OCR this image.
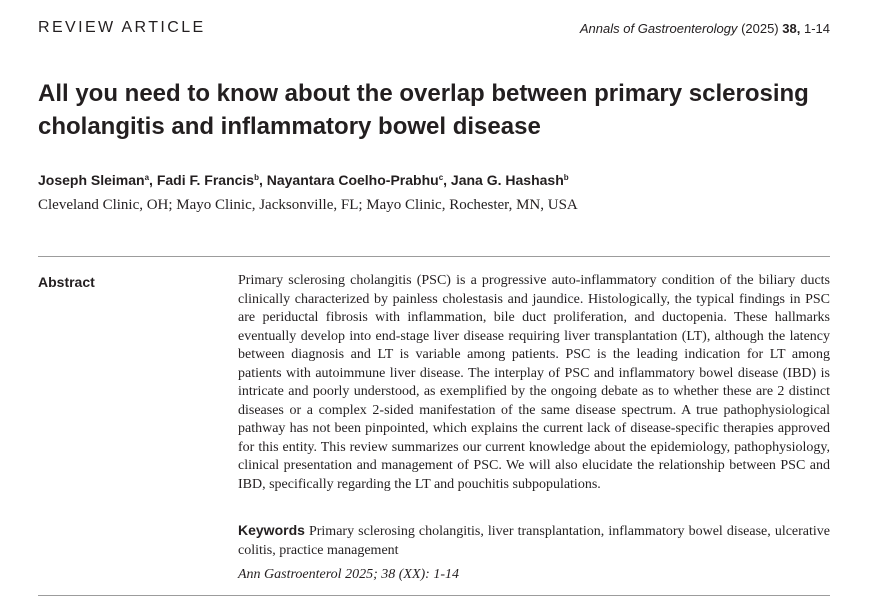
REVIEW ARTICLE	Annals of Gastroenterology (2025) 38, 1-14
All you need to know about the overlap between primary sclerosing cholangitis and inflammatory bowel disease
Joseph Sleiman$^a$, Fadi F. Francis$^b$, Nayantara Coelho-Prabhu$^c$, Jana G. Hashash$^b$
Cleveland Clinic, OH; Mayo Clinic, Jacksonville, FL; Mayo Clinic, Rochester, MN, USA
Abstract	Primary sclerosing cholangitis (PSC) is a progressive auto-inflammatory condition of the biliary ducts clinically characterized by painless cholestasis and jaundice. Histologically, the typical findings in PSC are periductal fibrosis with inflammation, bile duct proliferation, and ductopenia. These hallmarks eventually develop into end-stage liver disease requiring liver transplantation (LT), although the latency between diagnosis and LT is variable among patients. PSC is the leading indication for LT among patients with autoimmune liver disease. The interplay of PSC and inflammatory bowel disease (IBD) is intricate and poorly understood, as exemplified by the ongoing debate as to whether these are 2 distinct diseases or a complex 2-sided manifestation of the same disease spectrum. A true pathophysiological pathway has not been pinpointed, which explains the current lack of disease-specific therapies approved for this entity. This review summarizes our current knowledge about the epidemiology, pathophysiology, clinical presentation and management of PSC. We will also elucidate the relationship between PSC and IBD, specifically regarding the LT and pouchitis subpopulations.

Keywords Primary sclerosing cholangitis, liver transplantation, inflammatory bowel disease, ulcerative colitis, practice management

Ann Gastroenterol 2025; 38 (XX): 1-14
